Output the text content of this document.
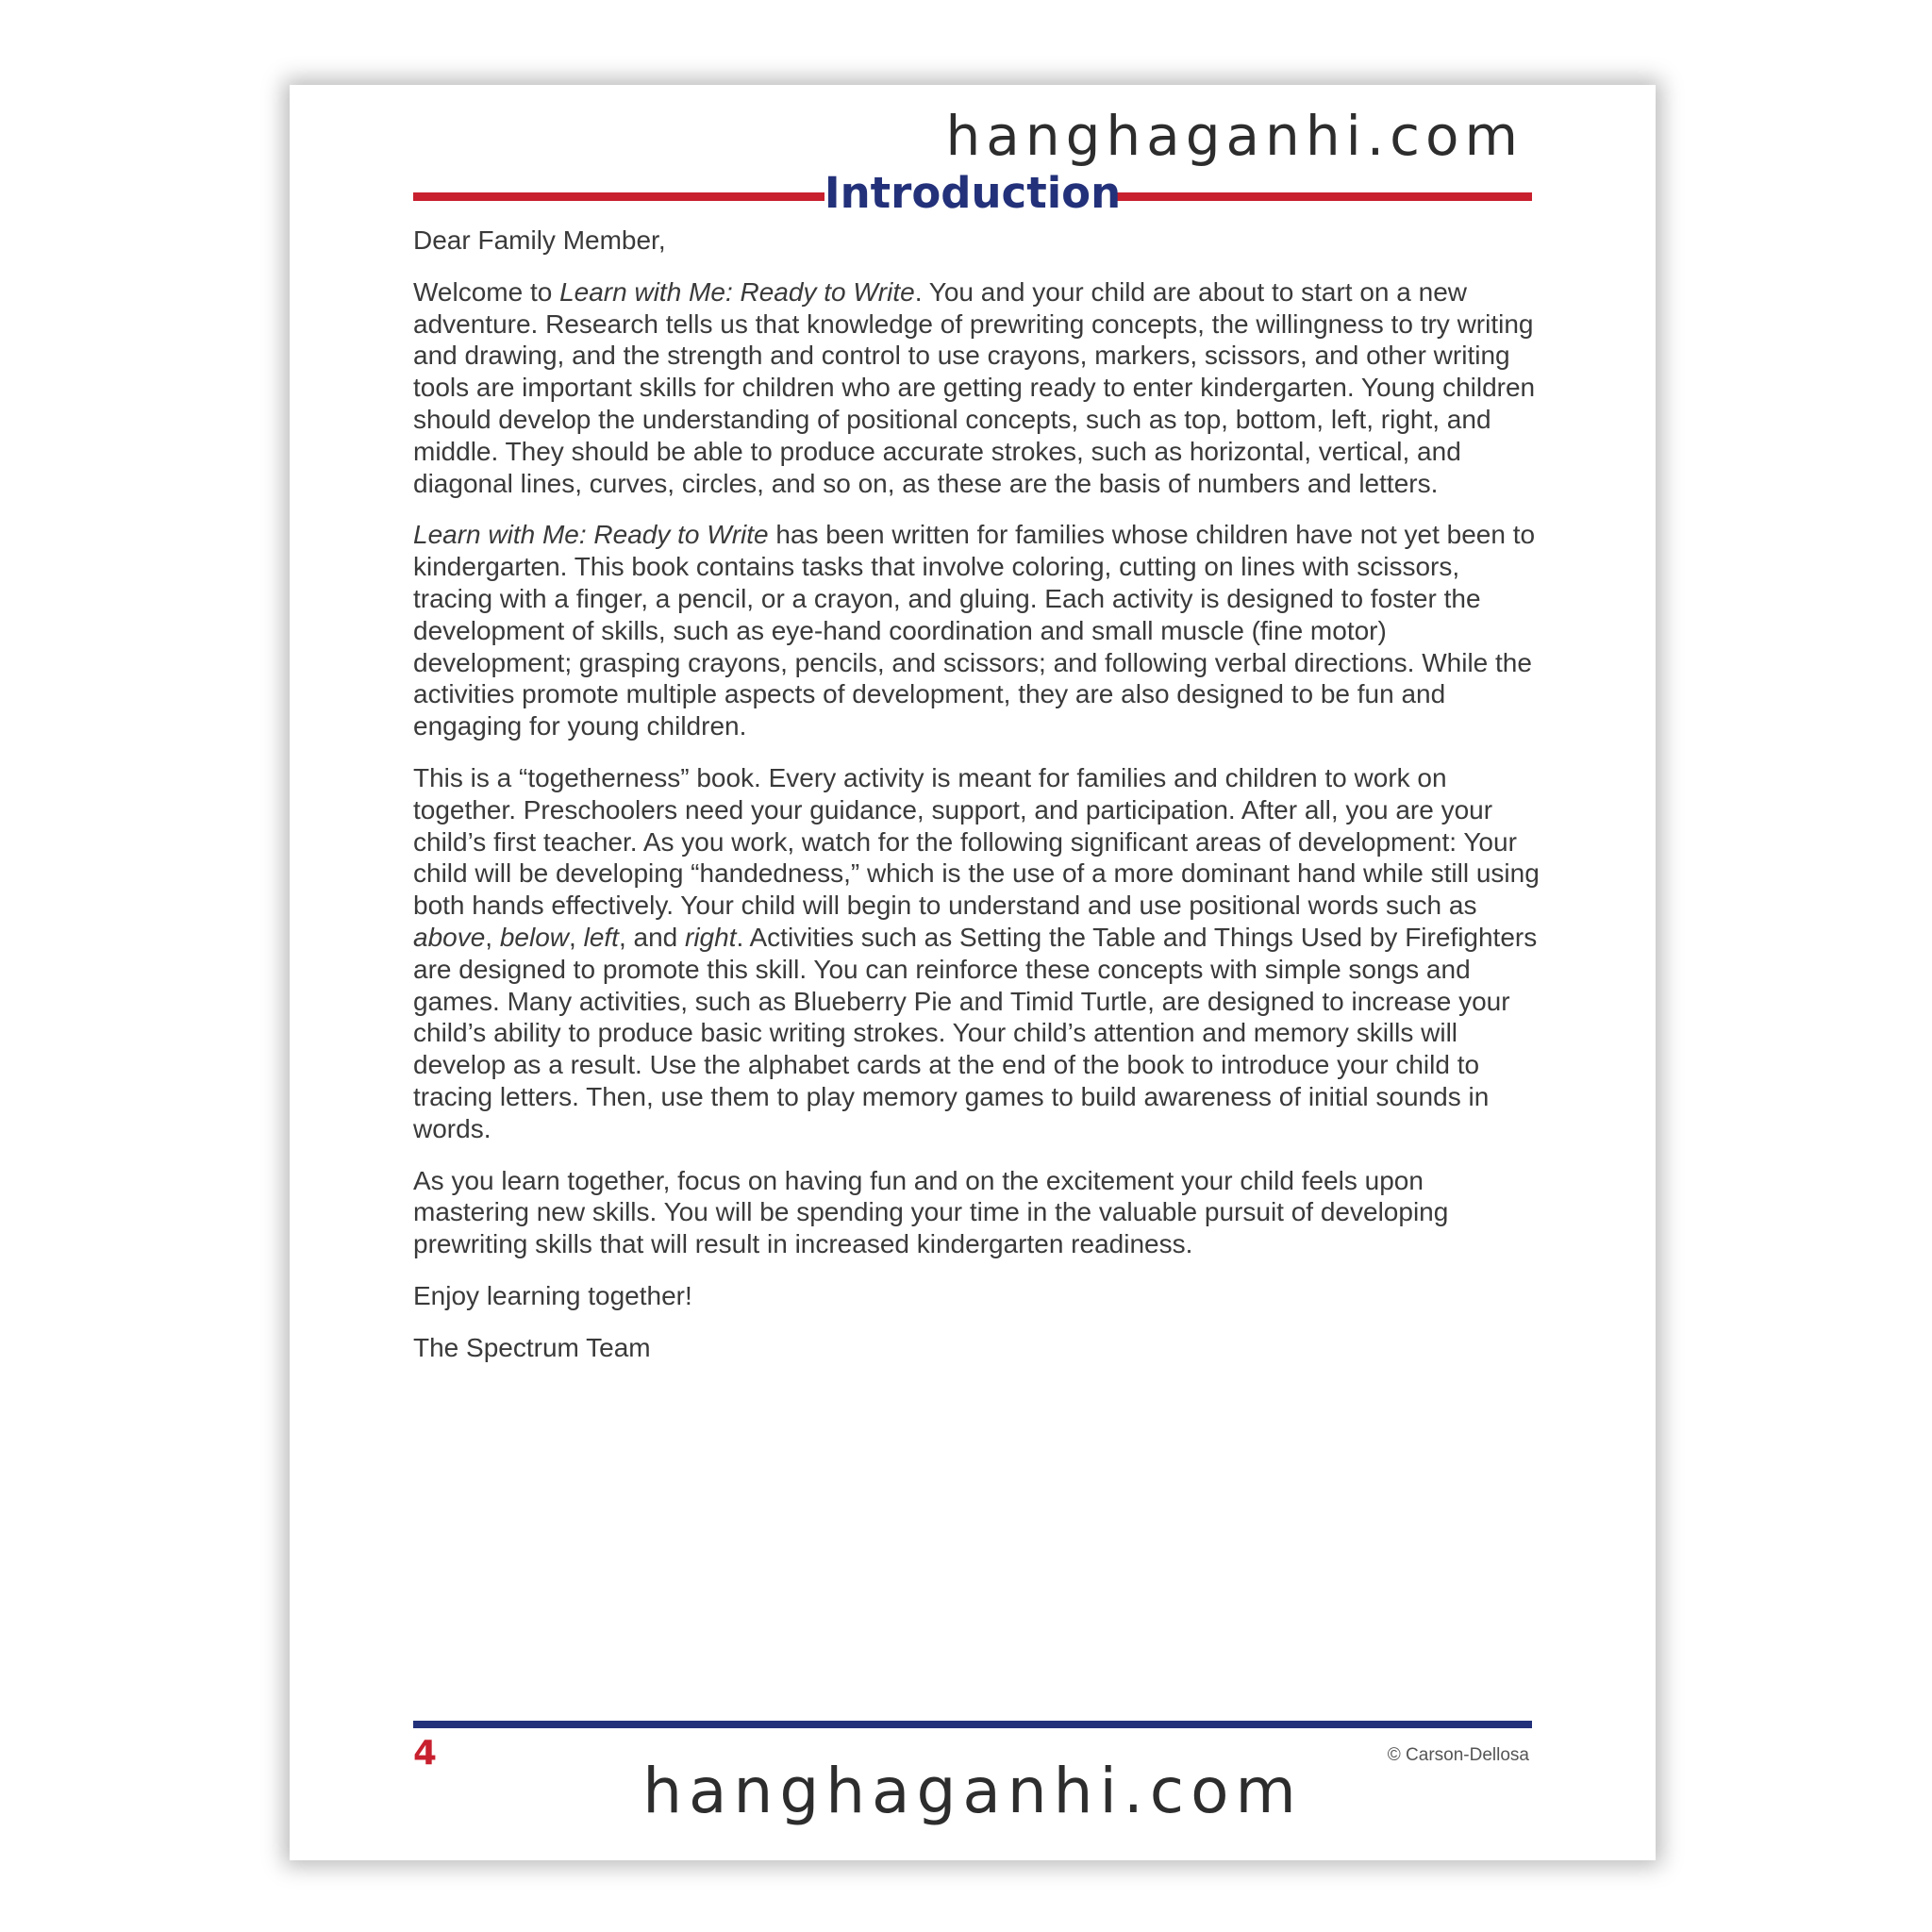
hanghaganhi.com
Introduction

Dear Family Member,

Welcome to Learn with Me: Ready to Write. You and your child are about to start on a new adventure. Research tells us that knowledge of prewriting concepts, the willingness to try writing and drawing, and the strength and control to use crayons, markers, scissors, and other writing tools are important skills for children who are getting ready to enter kindergarten. Young children should develop the understanding of positional concepts, such as top, bottom, left, right, and middle. They should be able to produce accurate strokes, such as horizontal, vertical, and diagonal lines, curves, circles, and so on, as these are the basis of numbers and letters.

Learn with Me: Ready to Write has been written for families whose children have not yet been to kindergarten. This book contains tasks that involve coloring, cutting on lines with scissors, tracing with a finger, a pencil, or a crayon, and gluing. Each activity is designed to foster the development of skills, such as eye-hand coordination and small muscle (fine motor) development; grasping crayons, pencils, and scissors; and following verbal directions. While the activities promote multiple aspects of development, they are also designed to be fun and engaging for young children.

This is a “togetherness” book. Every activity is meant for families and children to work on together. Preschoolers need your guidance, support, and participation. After all, you are your child’s first teacher. As you work, watch for the following significant areas of development: Your child will be developing “handedness,” which is the use of a more dominant hand while still using both hands effectively. Your child will begin to understand and use positional words such as above, below, left, and right. Activities such as Setting the Table and Things Used by Firefighters are designed to promote this skill. You can reinforce these concepts with simple songs and games. Many activities, such as Blueberry Pie and Timid Turtle, are designed to increase your child’s ability to produce basic writing strokes. Your child’s attention and memory skills will develop as a result. Use the alphabet cards at the end of the book to introduce your child to tracing letters. Then, use them to play memory games to build awareness of initial sounds in words.

As you learn together, focus on having fun and on the excitement your child feels upon mastering new skills. You will be spending your time in the valuable pursuit of developing prewriting skills that will result in increased kindergarten readiness.

Enjoy learning together!

The Spectrum Team

4	© Carson-Dellosa
hanghaganhi.com
